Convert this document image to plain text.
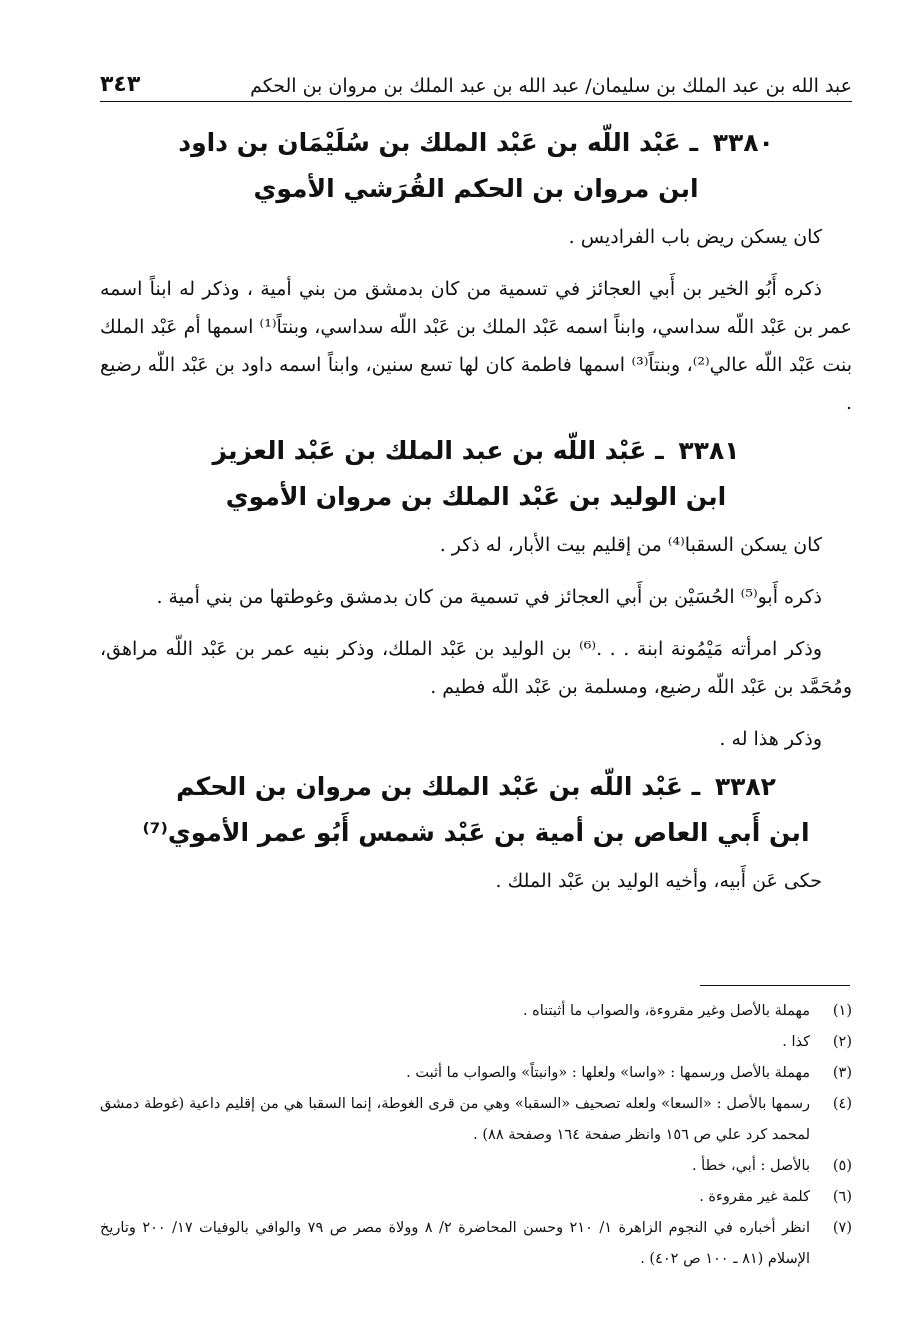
عبد الله بن عبد الملك بن سليمان/ عبد الله بن عبد الملك بن مروان بن الحكم
٣٤٣
٣٣٨٠ ـ عَبْد اللّه بن عَبْد الملك بن سُلَيْمَان بن داود
ابن مروان بن الحكم القُرَشي الأموي

كان يسكن ريض باب الفراديس .

ذكره أَبُو الخير بن أَبي العجائز في تسمية من كان بدمشق من بني أمية ، وذكر له ابناً اسمه عمر بن عَبْد اللّه سداسي، وابناً اسمه عَبْد الملك بن عَبْد اللّه سداسي، وبنتاً⁽¹⁾ اسمها أم عَبْد الملك بنت عَبْد اللّه عالي⁽²⁾، وبنتاً⁽³⁾ اسمها فاطمة كان لها تسع سنين، وابناً اسمه داود بن عَبْد اللّه رضيع .

٣٣٨١ ـ عَبْد اللّه بن عبد الملك بن عَبْد العزيز
ابن الوليد بن عَبْد الملك بن مروان الأموي

كان يسكن السقبا⁽⁴⁾ من إقليم بيت الأبار، له ذكر .

ذكره أَبو⁽⁵⁾ الحُسَيْن بن أَبي العجائز في تسمية من كان بدمشق وغوطتها من بني أمية .

وذكر امرأته مَيْمُونة ابنة . . .⁽⁶⁾ بن الوليد بن عَبْد الملك، وذكر بنيه عمر بن عَبْد اللّه مراهق، ومُحَمَّد بن عَبْد اللّه رضيع، ومسلمة بن عَبْد اللّه فطيم .

وذكر هذا له .

٣٣٨٢ ـ عَبْد اللّه بن عَبْد الملك بن مروان بن الحكم
ابن أَبي العاص بن أمية بن عَبْد شمس أَبُو عمر الأموي⁽⁷⁾

حكى عَن أَبيه، وأخيه الوليد بن عَبْد الملك .

(١)
مهملة بالأصل وغير مقروءة، والصواب ما أثبتناه .
(٢)
كذا .
(٣)
مهملة بالأصل ورسمها : «واسا» ولعلها : «وانبتاً» والصواب ما أثبت .
(٤)
رسمها بالأصل : «السعا» ولعله تصحيف «السقبا» وهي من قرى الغوطة، إنما السقبا هي من إقليم داعية (غوطة دمشق لمحمد كرد علي ص ١٥٦ وانظر صفحة ١٦٤ وصفحة ٨٨) .
(٥)
بالأصل : أبي، خطأ .
(٦)
كلمة غير مقروءة .
(٧)
انظر أخباره في النجوم الزاهرة ١/ ٢١٠ وحسن المحاضرة ٢/ ٨ وولاة مصر ص ٧٩ والوافي بالوفيات ١٧/ ٢٠٠ وتاريخ الإسلام (٨١ ـ ١٠٠ ص ٤٠٢) .
